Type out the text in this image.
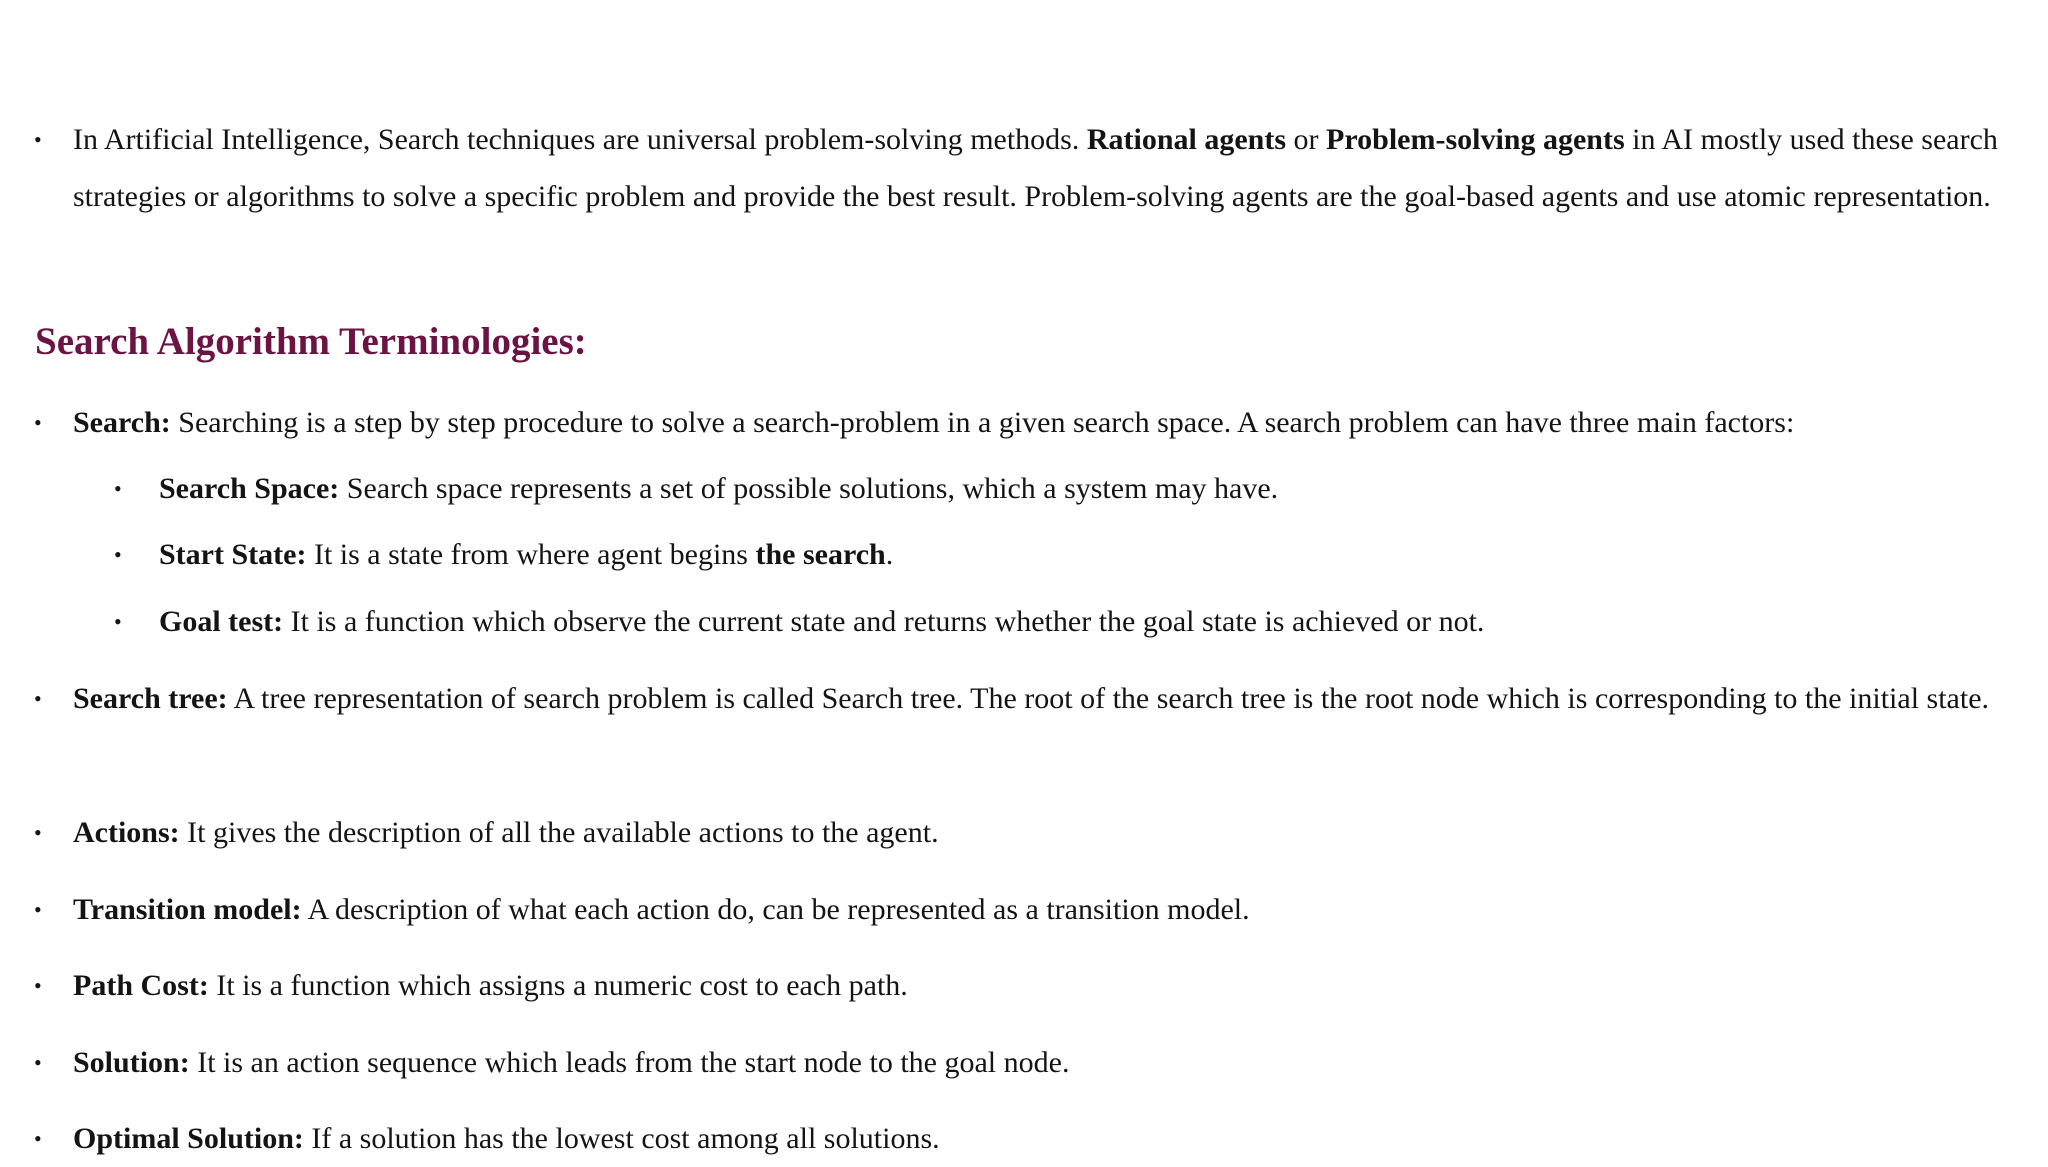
• In Artificial Intelligence, Search techniques are universal problem-solving methods. Rational agents or Problem-solving agents in AI mostly used these search strategies or algorithms to solve a specific problem and provide the best result. Problem-solving agents are the goal-based agents and use atomic representation.
Search Algorithm Terminologies:
• Search: Searching is a step by step procedure to solve a search-problem in a given search space. A search problem can have three main factors:
• Search Space: Search space represents a set of possible solutions, which a system may have.
• Start State: It is a state from where agent begins the search.
• Goal test: It is a function which observe the current state and returns whether the goal state is achieved or not.
• Search tree: A tree representation of search problem is called Search tree. The root of the search tree is the root node which is corresponding to the initial state.
• Actions: It gives the description of all the available actions to the agent.
• Transition model: A description of what each action do, can be represented as a transition model.
• Path Cost: It is a function which assigns a numeric cost to each path.
• Solution: It is an action sequence which leads from the start node to the goal node.
• Optimal Solution: If a solution has the lowest cost among all solutions.
